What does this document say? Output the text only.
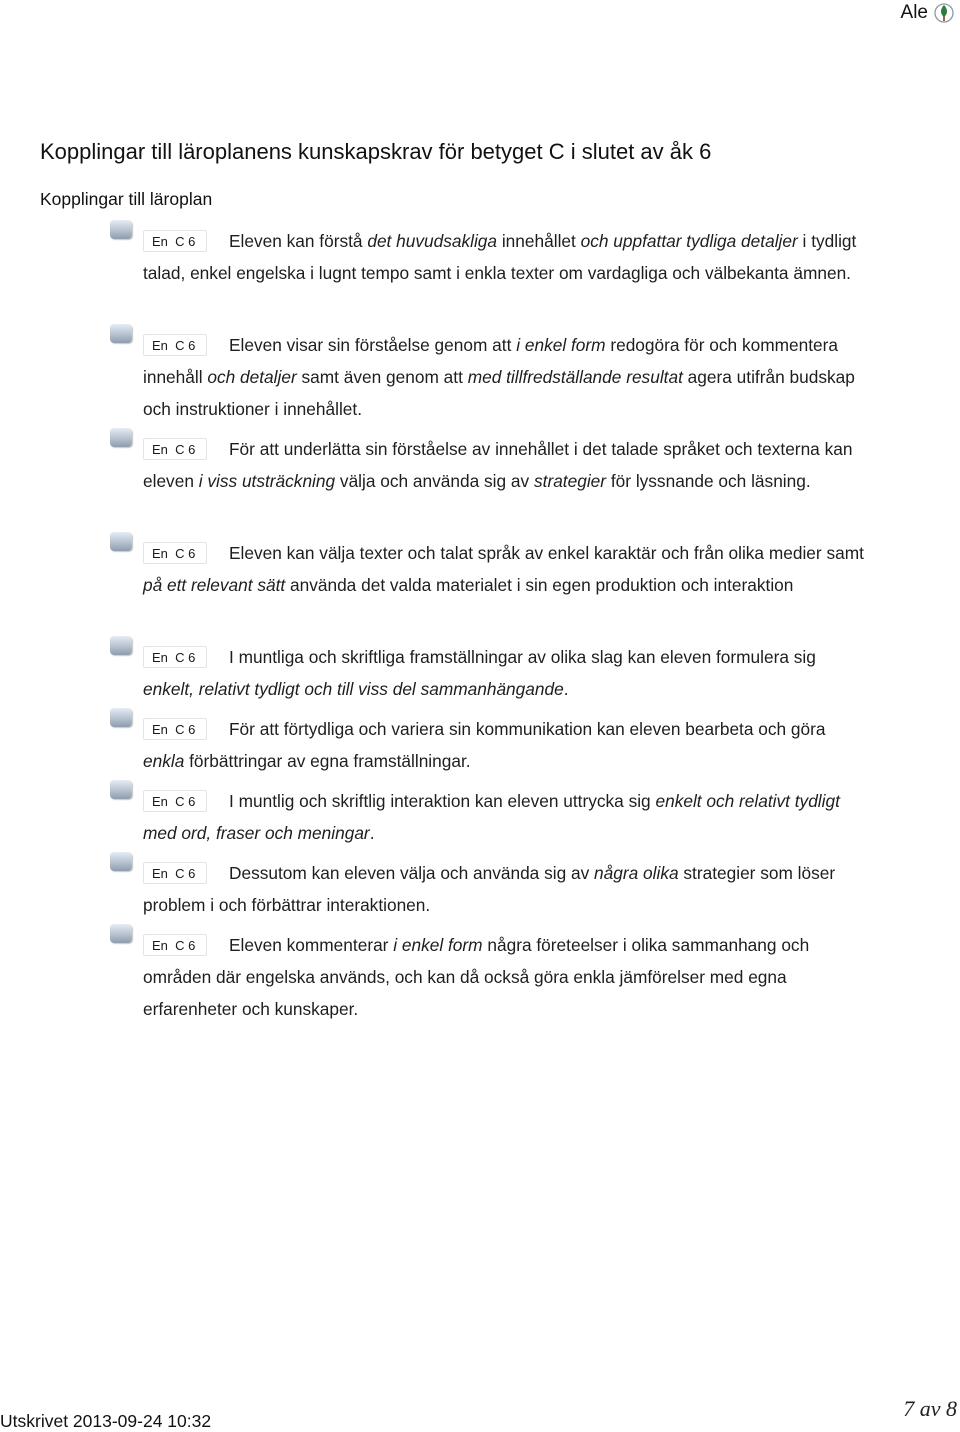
Ale
Kopplingar till läroplanens kunskapskrav för betyget C i slutet av åk 6
Kopplingar till läroplan
En  C 6 Eleven kan förstå det huvudsakliga innehållet och uppfattar tydliga detaljer i tydligt talad, enkel engelska i lugnt tempo samt i enkla texter om vardagliga och välbekanta ämnen.
En  C 6 Eleven visar sin förståelse genom att i enkel form redogöra för och kommentera innehåll och detaljer samt även genom att med tillfredställande resultat agera utifrån budskap och instruktioner i innehållet.
En  C 6 För att underlätta sin förståelse av innehållet i det talade språket och texterna kan eleven i viss utsträckning välja och använda sig av strategier för lyssnande och läsning.
En  C 6 Eleven kan välja texter och talat språk av enkel karaktär och från olika medier samt på ett relevant sätt använda det valda materialet i sin egen produktion och interaktion
En  C 6 I muntliga och skriftliga framställningar av olika slag kan eleven formulera sig enkelt, relativt tydligt och till viss del sammanhängande.
En  C 6 För att förtydliga och variera sin kommunikation kan eleven bearbeta och göra enkla förbättringar av egna framställningar.
En  C 6 I muntlig och skriftlig interaktion kan eleven uttrycka sig enkelt och relativt tydligt med ord, fraser och meningar.
En  C 6 Dessutom kan eleven välja och använda sig av några olika strategier som löser problem i och förbättrar interaktionen.
En  C 6 Eleven kommenterar i enkel form några företeelser i olika sammanhang och områden där engelska används, och kan då också göra enkla jämförelser med egna erfarenheter och kunskaper.
Utskrivet 2013-09-24 10:32	7 av 8
